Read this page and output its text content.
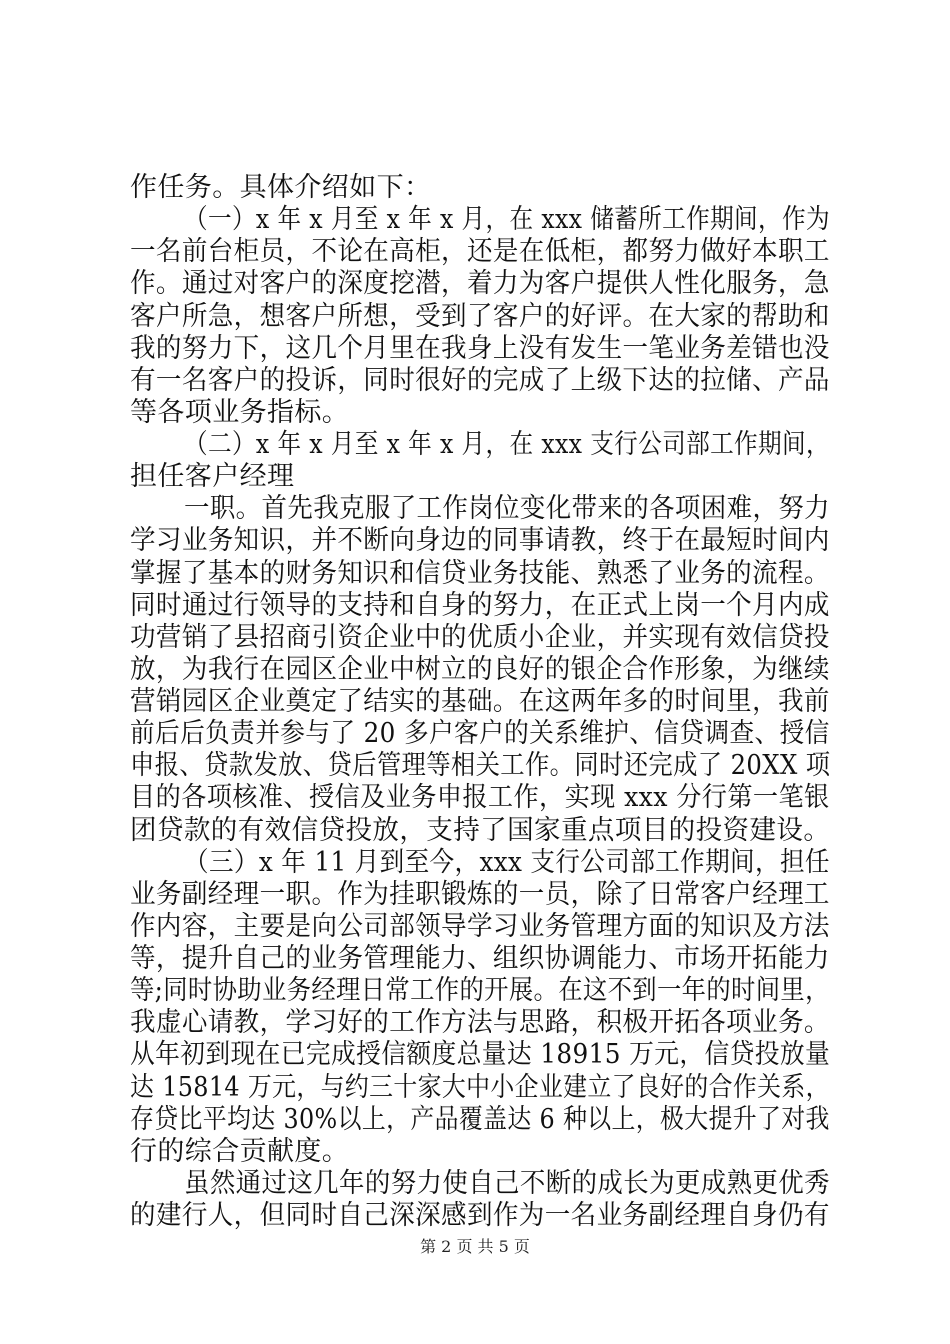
作任务。具体介绍如下：
（一）x 年 x 月至 x 年 x 月，在 xxx 储蓄所工作期间，作为
一名前台柜员，不论在高柜，还是在低柜，都努力做好本职工
作。通过对客户的深度挖潜，着力为客户提供人性化服务，急
客户所急，想客户所想，受到了客户的好评。在大家的帮助和
我的努力下，这几个月里在我身上没有发生一笔业务差错也没
有一名客户的投诉，同时很好的完成了上级下达的拉储、产品
等各项业务指标。
（二）x 年 x 月至 x 年 x 月，在 xxx 支行公司部工作期间，
担任客户经理
一职。首先我克服了工作岗位变化带来的各项困难，努力
学习业务知识，并不断向身边的同事请教，终于在最短时间内
掌握了基本的财务知识和信贷业务技能、熟悉了业务的流程。
同时通过行领导的支持和自身的努力，在正式上岗一个月内成
功营销了县招商引资企业中的优质小企业，并实现有效信贷投
放，为我行在园区企业中树立的良好的银企合作形象，为继续
营销园区企业奠定了结实的基础。在这两年多的时间里，我前
前后后负责并参与了 20 多户客户的关系维护、信贷调查、授信
申报、贷款发放、贷后管理等相关工作。同时还完成了 20XX 项
目的各项核准、授信及业务申报工作，实现 xxx 分行第一笔银
团贷款的有效信贷投放，支持了国家重点项目的投资建设。
（三）x 年 11 月到至今，xxx 支行公司部工作期间，担任
业务副经理一职。作为挂职锻炼的一员，除了日常客户经理工
作内容，主要是向公司部领导学习业务管理方面的知识及方法
等，提升自己的业务管理能力、组织协调能力、市场开拓能力
等;同时协助业务经理日常工作的开展。在这不到一年的时间里，
我虚心请教，学习好的工作方法与思路，积极开拓各项业务。
从年初到现在已完成授信额度总量达 18915 万元，信贷投放量
达 15814 万元，与约三十家大中小企业建立了良好的合作关系，
存贷比平均达 30%以上，产品覆盖达 6 种以上，极大提升了对我
行的综合贡献度。
虽然通过这几年的努力使自己不断的成长为更成熟更优秀
的建行人，但同时自己深深感到作为一名业务副经理自身仍有
第 2 页 共 5 页
